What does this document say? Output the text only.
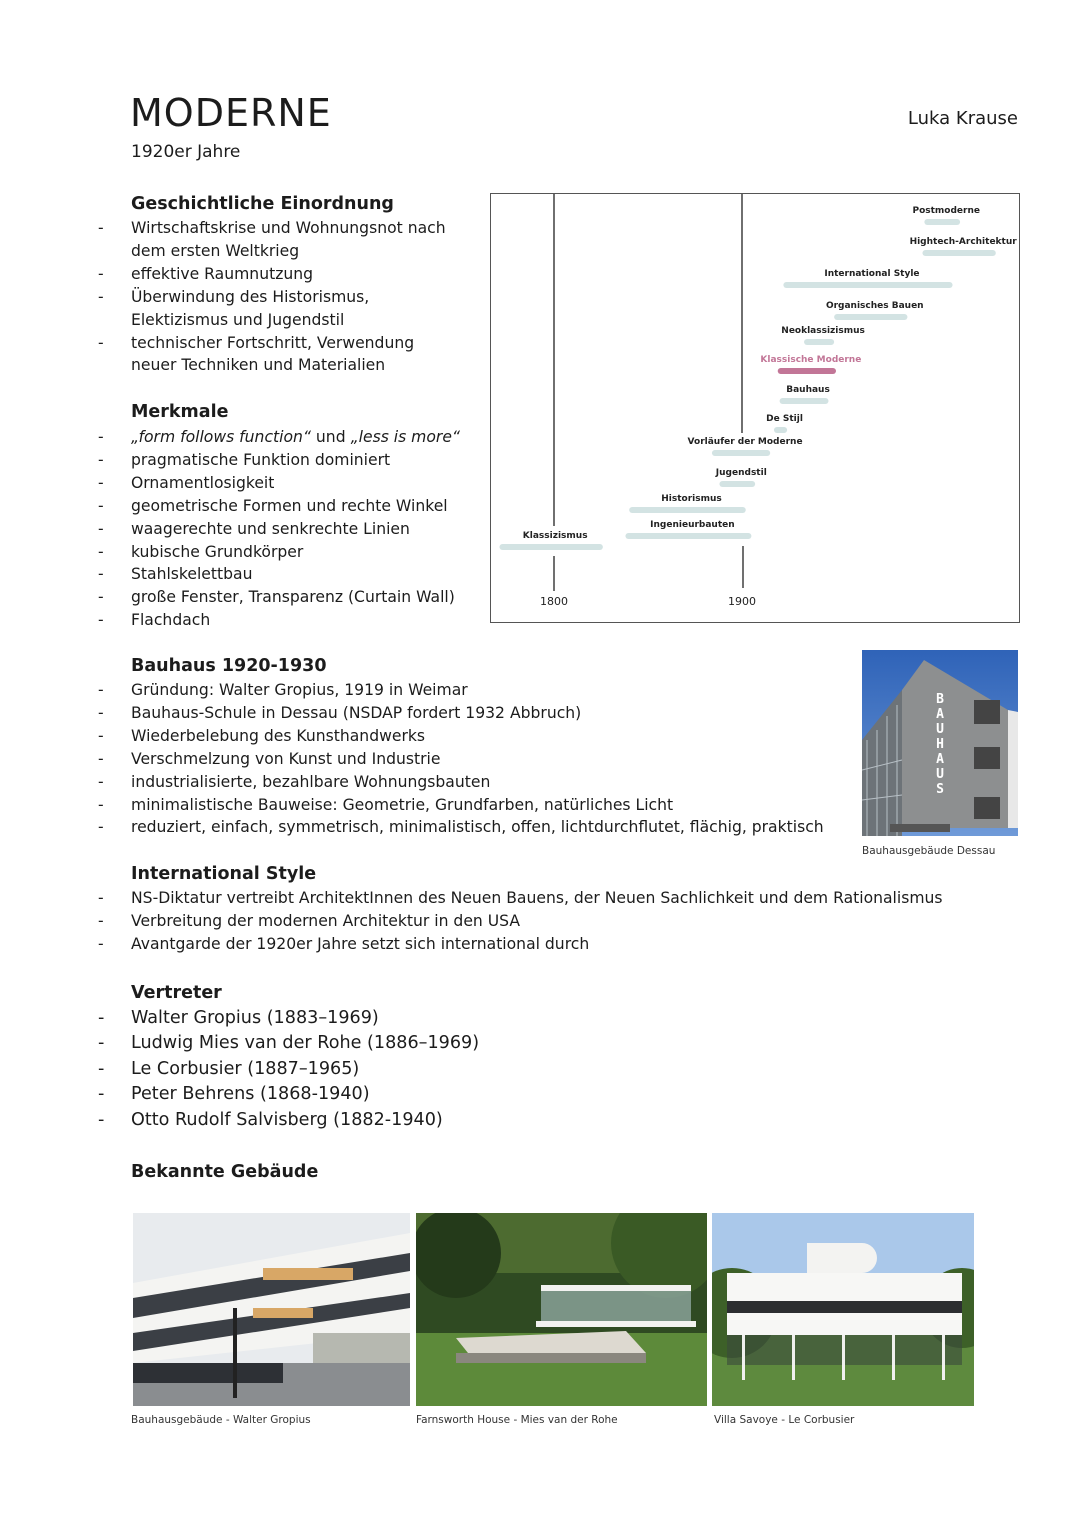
MODERNE	Luka Krause
1920er Jahre
Geschichtliche Einordnung
- Wirtschaftskrise und Wohnungsnot nach dem ersten Weltkrieg
- effektive Raumnutzung
- Überwindung des Historismus, Elektizismus und Jugendstil
- technischer Fortschritt, Verwendung neuer Techniken und Materialien
Merkmale
- „form follows function“ und „less is more“
- pragmatische Funktion dominiert
- Ornamentlosigkeit
- geometrische Formen und rechte Winkel
- waagerechte und senkrechte Linien
- kubische Grundkörper
- Stahlskelettbau
- große Fenster, Transparenz (Curtain Wall)
- Flachdach
1800	1900
Postmoderne
Hightech-Architektur
International Style
Organisches Bauen
Neoklassizismus
Klassische Moderne
Bauhaus
De Stijl
Vorläufer der Moderne
Jugendstil
Historismus
Ingenieurbauten
Klassizismus
Bauhaus 1920-1930
- Gründung: Walter Gropius, 1919 in Weimar
- Bauhaus-Schule in Dessau (NSDAP fordert 1932 Abbruch)
- Wiederbelebung des Kunsthandwerks
- Verschmelzung von Kunst und Industrie
- industrialisierte, bezahlbare Wohnungsbauten
- minimalistische Bauweise: Geometrie, Grundfarben, natürliches Licht
- reduziert, einfach, symmetrisch, minimalistisch, offen, lichtdurchflutet, flächig, praktisch
B A U H A U S
Bauhausgebäude Dessau
International Style
- NS-Diktatur vertreibt ArchitektInnen des Neuen Bauens, der Neuen Sachlichkeit und dem Rationalismus
- Verbreitung der modernen Architektur in den USA
- Avantgarde der 1920er Jahre setzt sich international durch
Vertreter
- Walter Gropius (1883–1969)
- Ludwig Mies van der Rohe (1886–1969)
- Le Corbusier (1887–1965)
- Peter Behrens (1868-1940)
- Otto Rudolf Salvisberg (1882-1940)
Bekannte Gebäude
Bauhausgebäude - Walter Gropius	Farnsworth House - Mies van der Rohe	Villa Savoye - Le Corbusier
